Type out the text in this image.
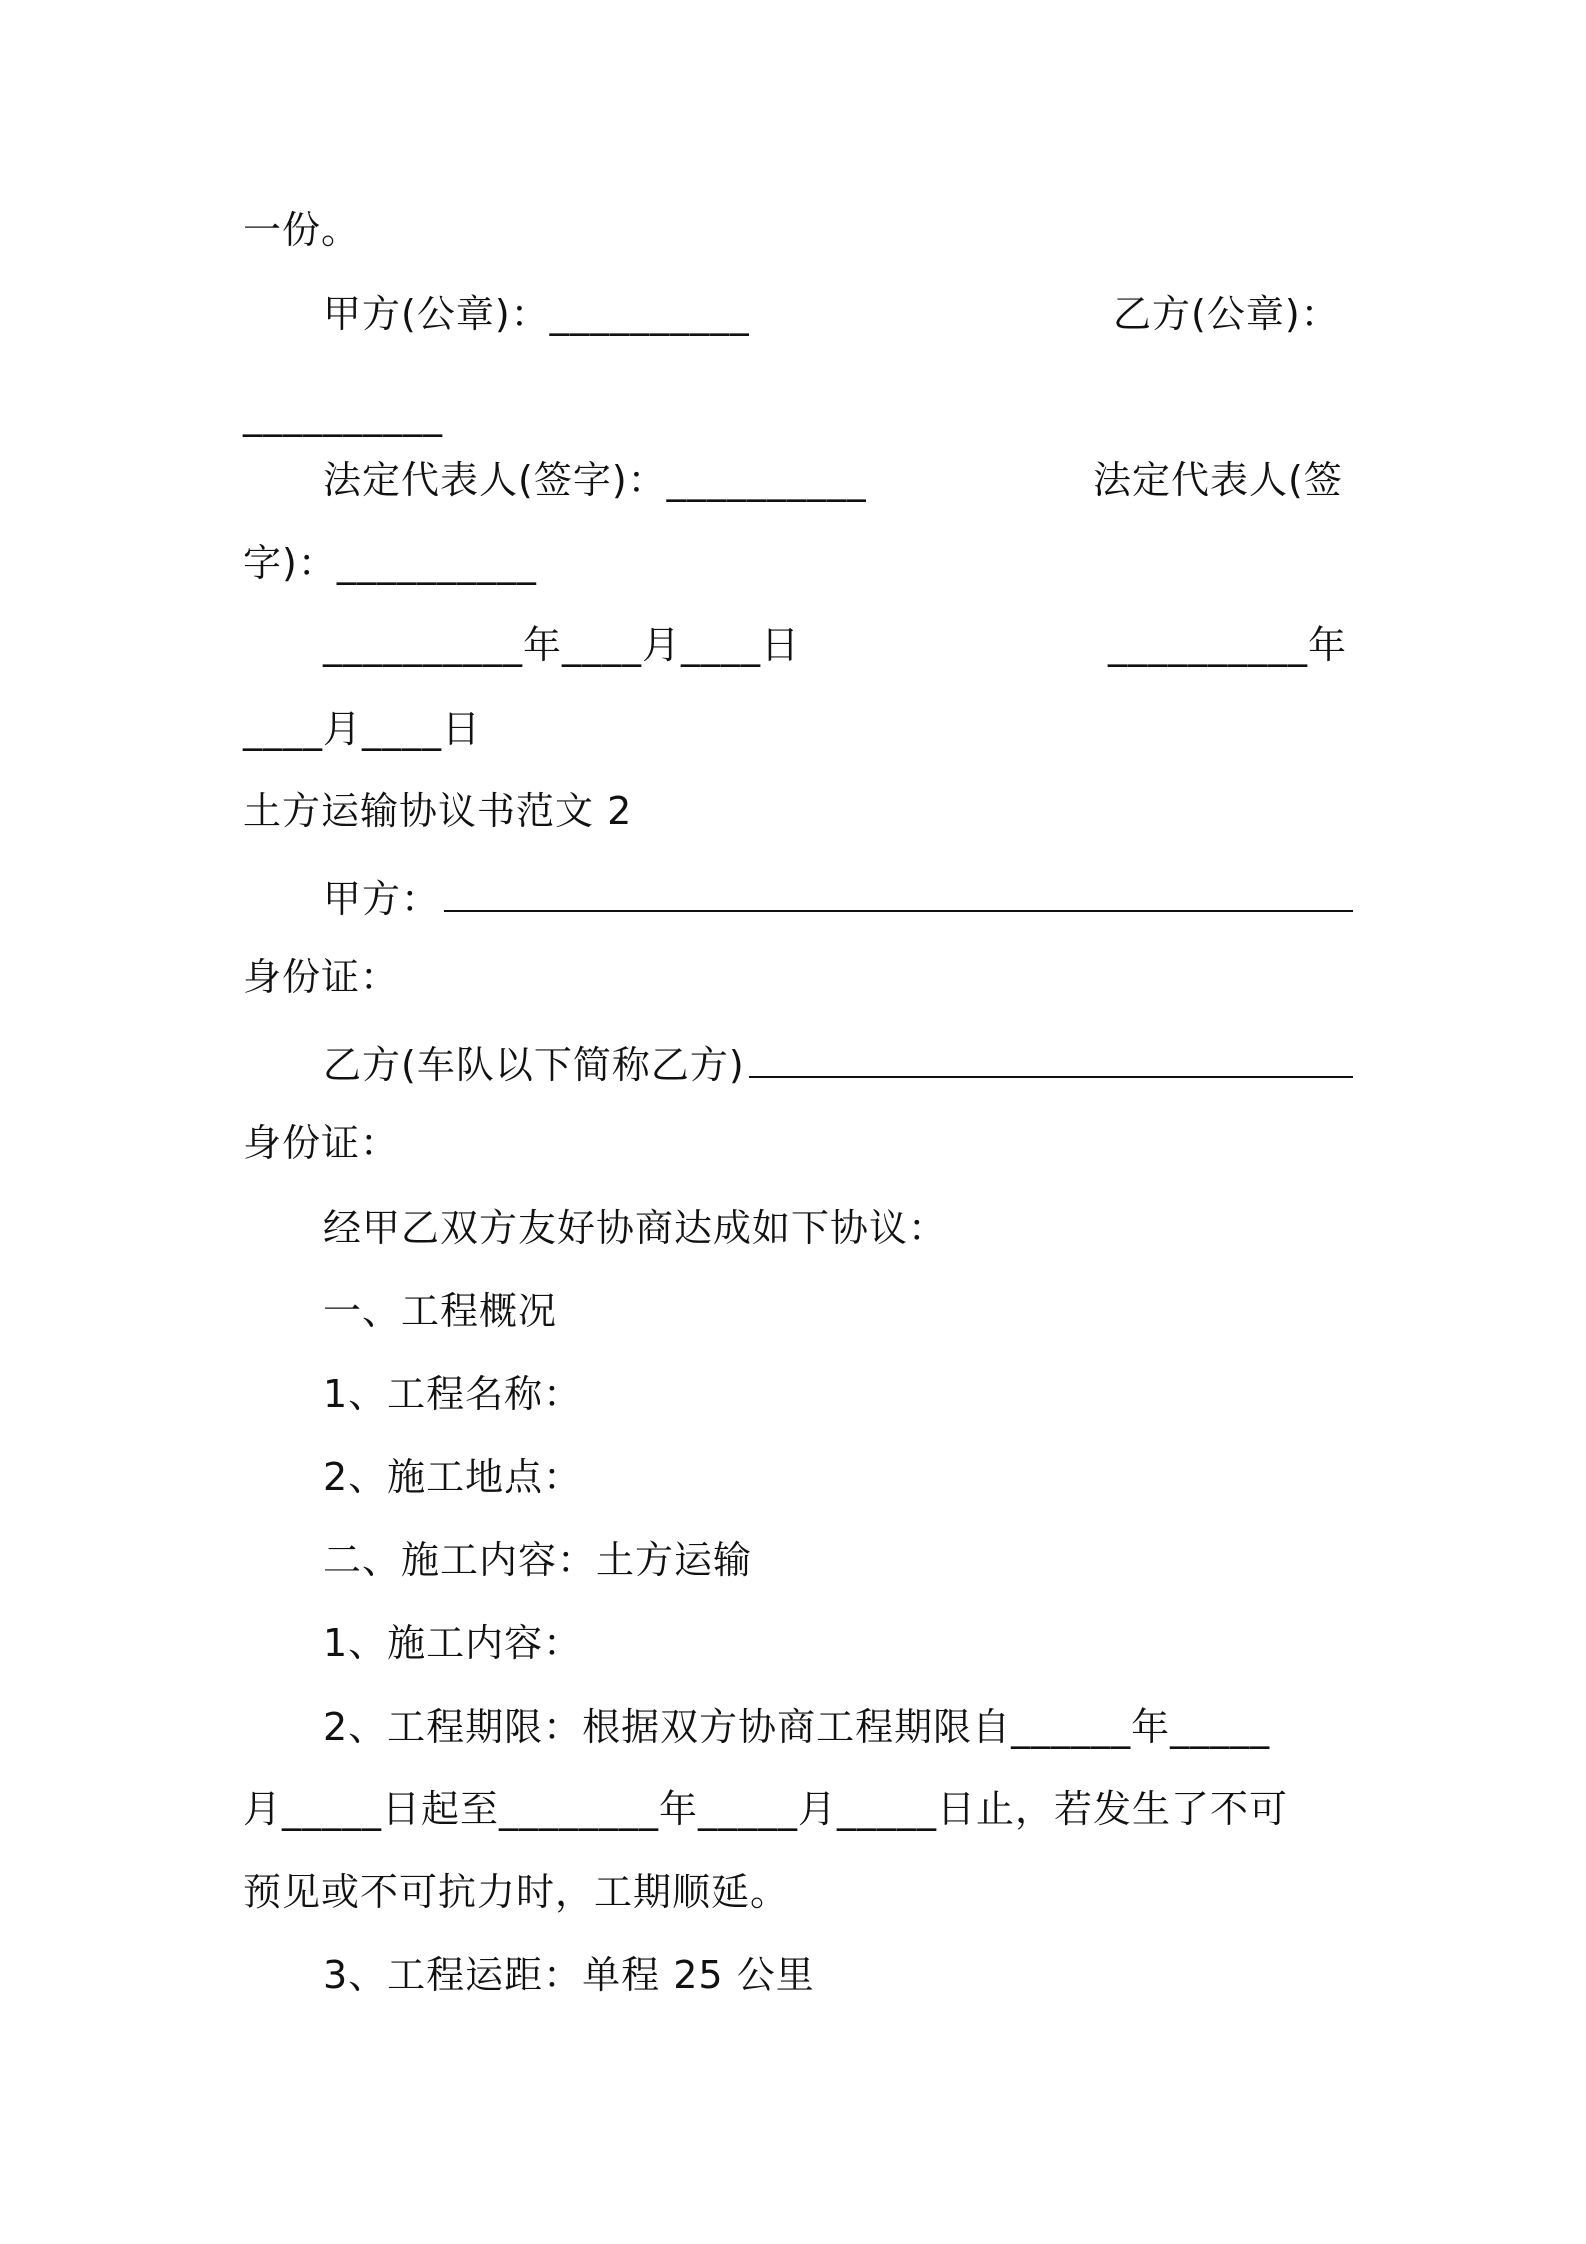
一份。
甲方(公章)：__________	乙方(公章)：
__________
法定代表人(签字)：__________	法定代表人(签
字)：__________
__________年____月____日	__________年
____月____日
土方运输协议书范文 2
甲方：
身份证：
乙方(车队以下简称乙方)
身份证：
经甲乙双方友好协商达成如下协议：
一、工程概况
1、工程名称：
2、施工地点：
二、施工内容：土方运输
1、施工内容：
2、工程期限：根据双方协商工程期限自______年_____
月_____日起至________年_____月_____日止，若发生了不可
预见或不可抗力时，工期顺延。
3、工程运距：单程 25 公里
